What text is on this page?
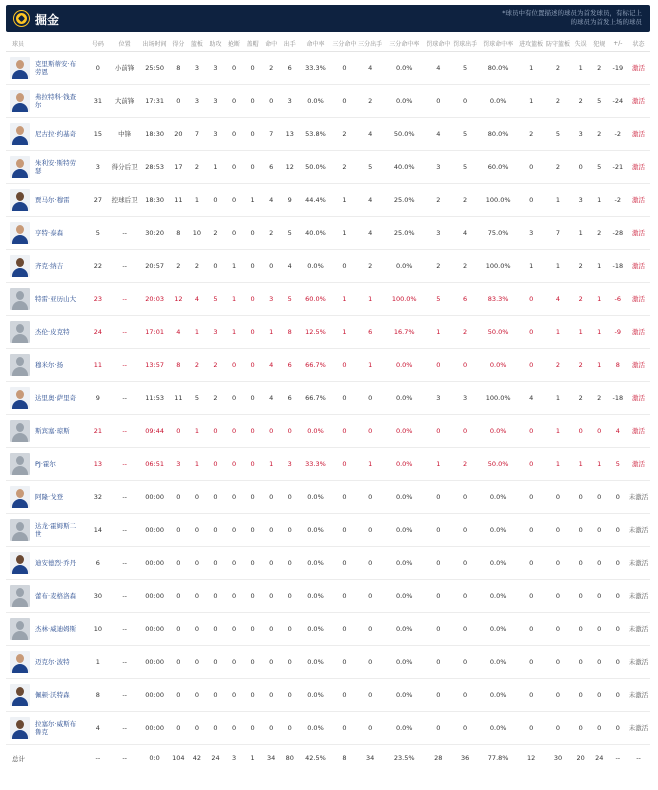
掘金	*球员中有位置描述的球员为首发球员，有标记上的球员为首发上场的球员
球员	号码	位置	出场时间	得分	篮板	助攻	抢断	盖帽	命中	出手	命中率	三分命中	三分出手	三分命中率	罚球命中	罚球出手	罚球命中率	进攻篮板	防守篮板	失误	犯规	+/-	状态

克里斯蒂安·布劳恩	0	小前锋	25:50	8	3	3	0	0	2	6	33.3%	0	4	0.0%	4	5	80.0%	1	2	1	2	-19	激活

弗拉特科·钱查尔	31	大前锋	17:31	0	3	3	0	0	0	3	0.0%	0	2	0.0%	0	0	0.0%	1	2	2	5	-24	激活

尼古拉·约基奇	15	中锋	18:30	20	7	3	0	0	7	13	53.8%	2	4	50.0%	4	5	80.0%	2	5	3	2	-2	激活

朱利安·斯特劳瑟	3	得分后卫	28:53	17	2	1	0	0	6	12	50.0%	2	5	40.0%	3	5	60.0%	0	2	0	5	-21	激活

贾马尔·穆雷	27	控球后卫	18:30	11	1	0	0	1	4	9	44.4%	1	4	25.0%	2	2	100.0%	0	1	3	1	-2	激活

亨特·泰森	5	--	30:20	8	10	2	0	0	2	5	40.0%	1	4	25.0%	3	4	75.0%	3	7	1	2	-28	激活

齐克·纳吉	22	--	20:57	2	2	0	1	0	0	4	0.0%	0	2	0.0%	2	2	100.0%	1	1	2	1	-18	激活

特雷·亚历山大	23	--	20:03	12	4	5	1	0	3	5	60.0%	1	1	100.0%	5	6	83.3%	0	4	2	1	-6	激活

杰伦·皮克特	24	--	17:01	4	1	3	1	0	1	8	12.5%	1	6	16.7%	1	2	50.0%	0	1	1	1	-9	激活

穆米尔·扬	11	--	13:57	8	2	2	0	0	4	6	66.7%	0	1	0.0%	0	0	0.0%	0	2	2	1	8	激活

达里奥·萨里奇	9	--	11:53	11	5	2	0	0	4	6	66.7%	0	0	0.0%	3	3	100.0%	4	1	2	2	-18	激活

斯宾塞·琼斯	21	--	09:44	0	1	0	0	0	0	0	0.0%	0	0	0.0%	0	0	0.0%	0	1	0	0	4	激活

PJ·霍尔	13	--	06:51	3	1	0	0	0	1	3	33.3%	0	1	0.0%	1	2	50.0%	0	1	1	1	5	激活

阿隆·戈登	32	--	00:00	0	0	0	0	0	0	0	0.0%	0	0	0.0%	0	0	0.0%	0	0	0	0	0	未激活

达龙·霍姆斯二世	14	--	00:00	0	0	0	0	0	0	0	0.0%	0	0	0.0%	0	0	0.0%	0	0	0	0	0	未激活

迪安德烈·乔丹	6	--	00:00	0	0	0	0	0	0	0	0.0%	0	0	0.0%	0	0	0.0%	0	0	0	0	0	未激活

蕾布·麦格洛森	30	--	00:00	0	0	0	0	0	0	0	0.0%	0	0	0.0%	0	0	0.0%	0	0	0	0	0	未激活

杰林·威迪姆斯	10	--	00:00	0	0	0	0	0	0	0	0.0%	0	0	0.0%	0	0	0.0%	0	0	0	0	0	未激活

迈克尔·波特	1	--	00:00	0	0	0	0	0	0	0	0.0%	0	0	0.0%	0	0	0.0%	0	0	0	0	0	未激活

佩顿·沃特森	8	--	00:00	0	0	0	0	0	0	0	0.0%	0	0	0.0%	0	0	0.0%	0	0	0	0	0	未激活

拉塞尔·威斯布鲁克	4	--	00:00	0	0	0	0	0	0	0	0.0%	0	0	0.0%	0	0	0.0%	0	0	0	0	0	未激活
总计	--	--	0:0	104	42	24	3	1	34	80	42.5%	8	34	23.5%	28	36	77.8%	12	30	20	24	--	--
